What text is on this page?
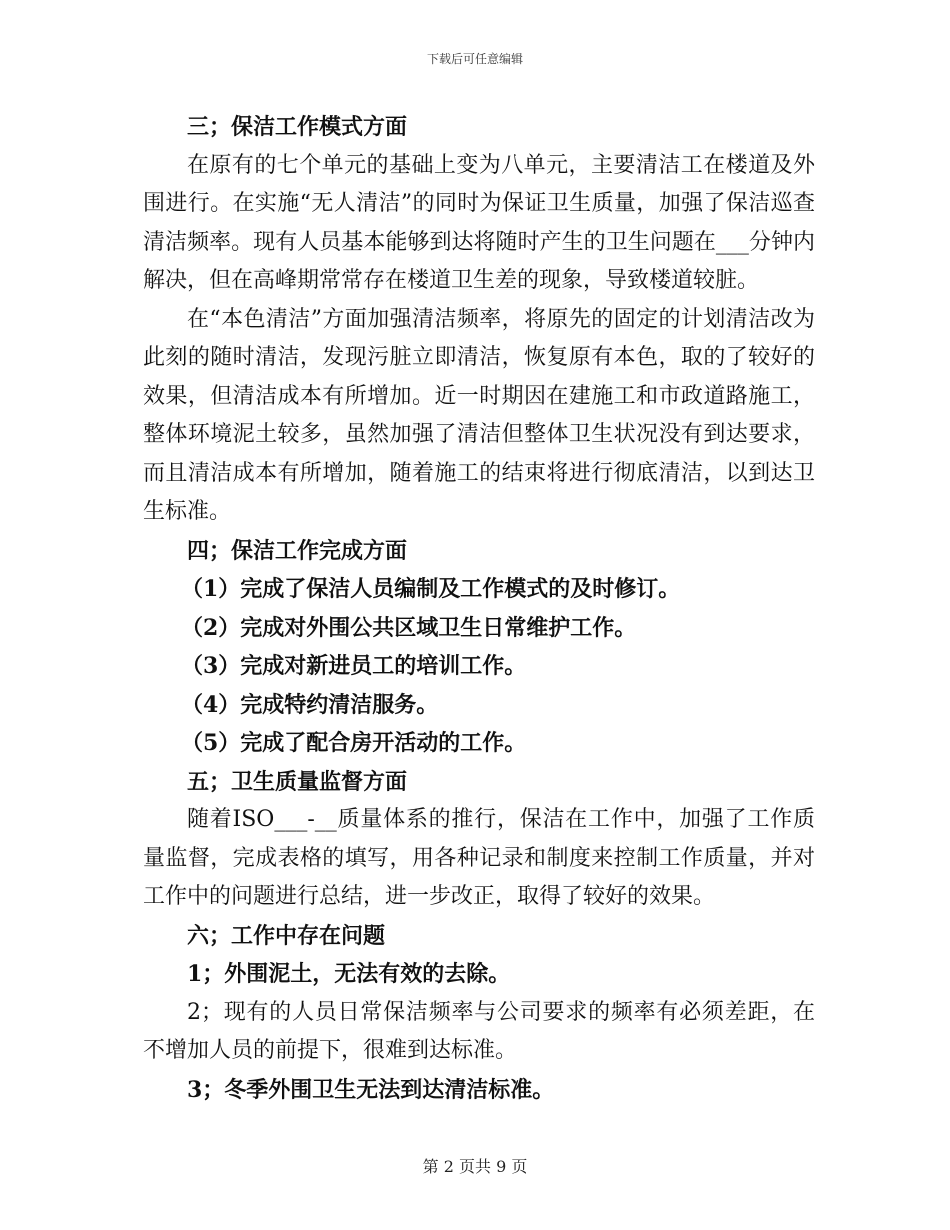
下载后可任意编辑

三；保洁工作模式方面

在原有的七个单元的基础上变为八单元，主要清洁工在楼道及外围进行。在实施“无人清洁”的同时为保证卫生质量，加强了保洁巡查清洁频率。现有人员基本能够到达将随时产生的卫生问题在___分钟内解决，但在高峰期常常存在楼道卫生差的现象，导致楼道较脏。

在“本色清洁”方面加强清洁频率，将原先的固定的计划清洁改为此刻的随时清洁，发现污脏立即清洁，恢复原有本色，取的了较好的效果，但清洁成本有所增加。近一时期因在建施工和市政道路施工，整体环境泥土较多，虽然加强了清洁但整体卫生状况没有到达要求，而且清洁成本有所增加，随着施工的结束将进行彻底清洁，以到达卫生标准。

四；保洁工作完成方面

（1）完成了保洁人员编制及工作模式的及时修订。

（2）完成对外围公共区域卫生日常维护工作。

（3）完成对新进员工的培训工作。

（4）完成特约清洁服务。

（5）完成了配合房开活动的工作。

五；卫生质量监督方面

随着ISO___-__质量体系的推行，保洁在工作中，加强了工作质量监督，完成表格的填写，用各种记录和制度来控制工作质量，并对工作中的问题进行总结，进一步改正，取得了较好的效果。

六；工作中存在问题

1；外围泥土，无法有效的去除。

2；现有的人员日常保洁频率与公司要求的频率有必须差距，在不增加人员的前提下，很难到达标准。

3；冬季外围卫生无法到达清洁标准。

第 2 页共 9 页
